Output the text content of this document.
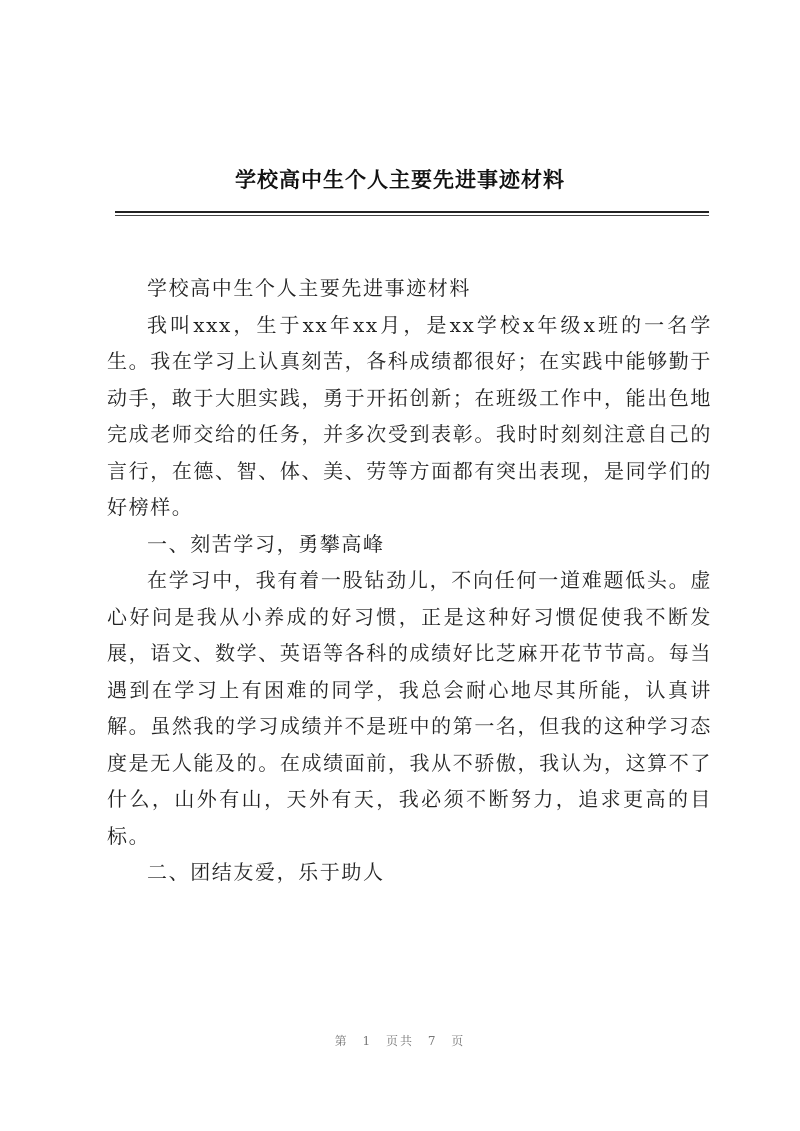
学校高中生个人主要先进事迹材料

学校高中生个人主要先进事迹材料

我叫xxx，生于xx年xx月，是xx学校x年级x班的一名学生。我在学习上认真刻苦，各科成绩都很好；在实践中能够勤于动手，敢于大胆实践，勇于开拓创新；在班级工作中，能出色地完成老师交给的任务，并多次受到表彰。我时时刻刻注意自己的言行，在德、智、体、美、劳等方面都有突出表现，是同学们的好榜样。

一、刻苦学习，勇攀高峰

在学习中，我有着一股钻劲儿，不向任何一道难题低头。虚心好问是我从小养成的好习惯，正是这种好习惯促使我不断发展，语文、数学、英语等各科的成绩好比芝麻开花节节高。每当遇到在学习上有困难的同学，我总会耐心地尽其所能，认真讲解。虽然我的学习成绩并不是班中的第一名，但我的这种学习态度是无人能及的。在成绩面前，我从不骄傲，我认为，这算不了什么，山外有山，天外有天，我必须不断努力，追求更高的目标。

二、团结友爱，乐于助人

第 1 页共 7 页
